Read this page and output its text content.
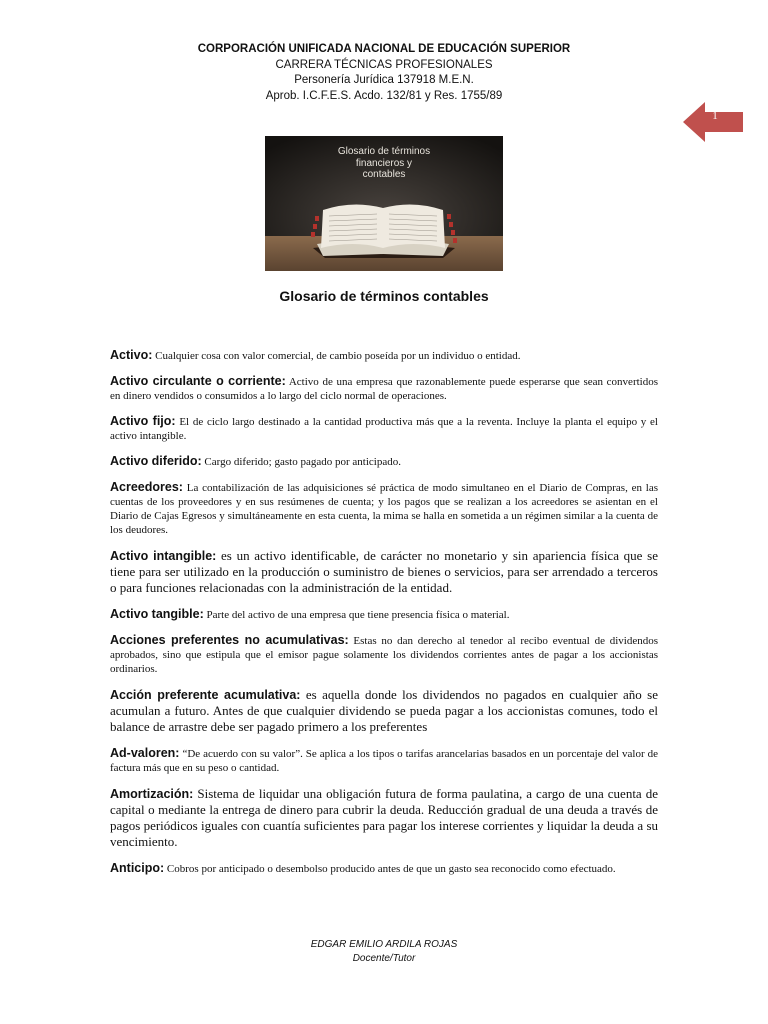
CORPORACIÓN UNIFICADA NACIONAL DE EDUCACIÓN SUPERIOR
CARRERA TÉCNICAS PROFESIONALES
Personería Jurídica 137918 M.E.N.
Aprob. I.C.F.E.S. Acdo. 132/81 y Res. 1755/89
1
Glosario de términos
financieros y
contables
Glosario de términos contables

Activo: Cualquier cosa con valor comercial, de cambio poseída por un individuo o entidad.

Activo circulante o corriente: Activo de una empresa que razonablemente puede esperarse que sean convertidos en dinero vendidos o consumidos a lo largo del ciclo normal de operaciones.

Activo fijo: El de ciclo largo destinado a la cantidad productiva más que a la reventa. Incluye la planta el equipo y el activo intangible.

Activo diferido: Cargo diferido; gasto pagado por anticipado.

Acreedores: La contabilización de las adquisiciones sé práctica de modo simultaneo en el Diario de Compras, en las cuentas de los proveedores y en sus resúmenes de cuenta; y los pagos que se realizan a los acreedores se asientan en el Diario de Cajas Egresos y simultáneamente en esta cuenta, la mima se halla en sometida a un régimen similar a la cuenta de los deudores.

Activo intangible: es un activo identificable, de carácter no monetario y sin apariencia física que se tiene para ser utilizado en la producción o suministro de bienes o servicios, para ser arrendado a terceros o para funciones relacionadas con la administración de la entidad.

Activo tangible: Parte del activo de una empresa que tiene presencia física o material.

Acciones preferentes no acumulativas: Estas no dan derecho al tenedor al recibo eventual de dividendos aprobados, sino que estipula que el emisor pague solamente los dividendos corrientes antes de pagar a los accionistas ordinarios.

Acción preferente acumulativa: es aquella donde los dividendos no pagados en cualquier año se acumulan a futuro. Antes de que cualquier dividendo se pueda pagar a los accionistas comunes, todo el balance de arrastre debe ser pagado primero a los preferentes

Ad-valoren: “De acuerdo con su valor”. Se aplica a los tipos o tarifas arancelarias basados en un porcentaje del valor de factura más que en su peso o cantidad.

Amortización: Sistema de liquidar una obligación futura de forma paulatina, a cargo de una cuenta de capital o mediante la entrega de dinero para cubrir la deuda. Reducción gradual de una deuda a través de pagos periódicos iguales con cuantía suficientes para pagar los interese corrientes y liquidar la deuda a su vencimiento.

Anticipo: Cobros por anticipado o desembolso producido antes de que un gasto sea reconocido como efectuado.

EDGAR EMILIO ARDILA ROJAS
Docente/Tutor
